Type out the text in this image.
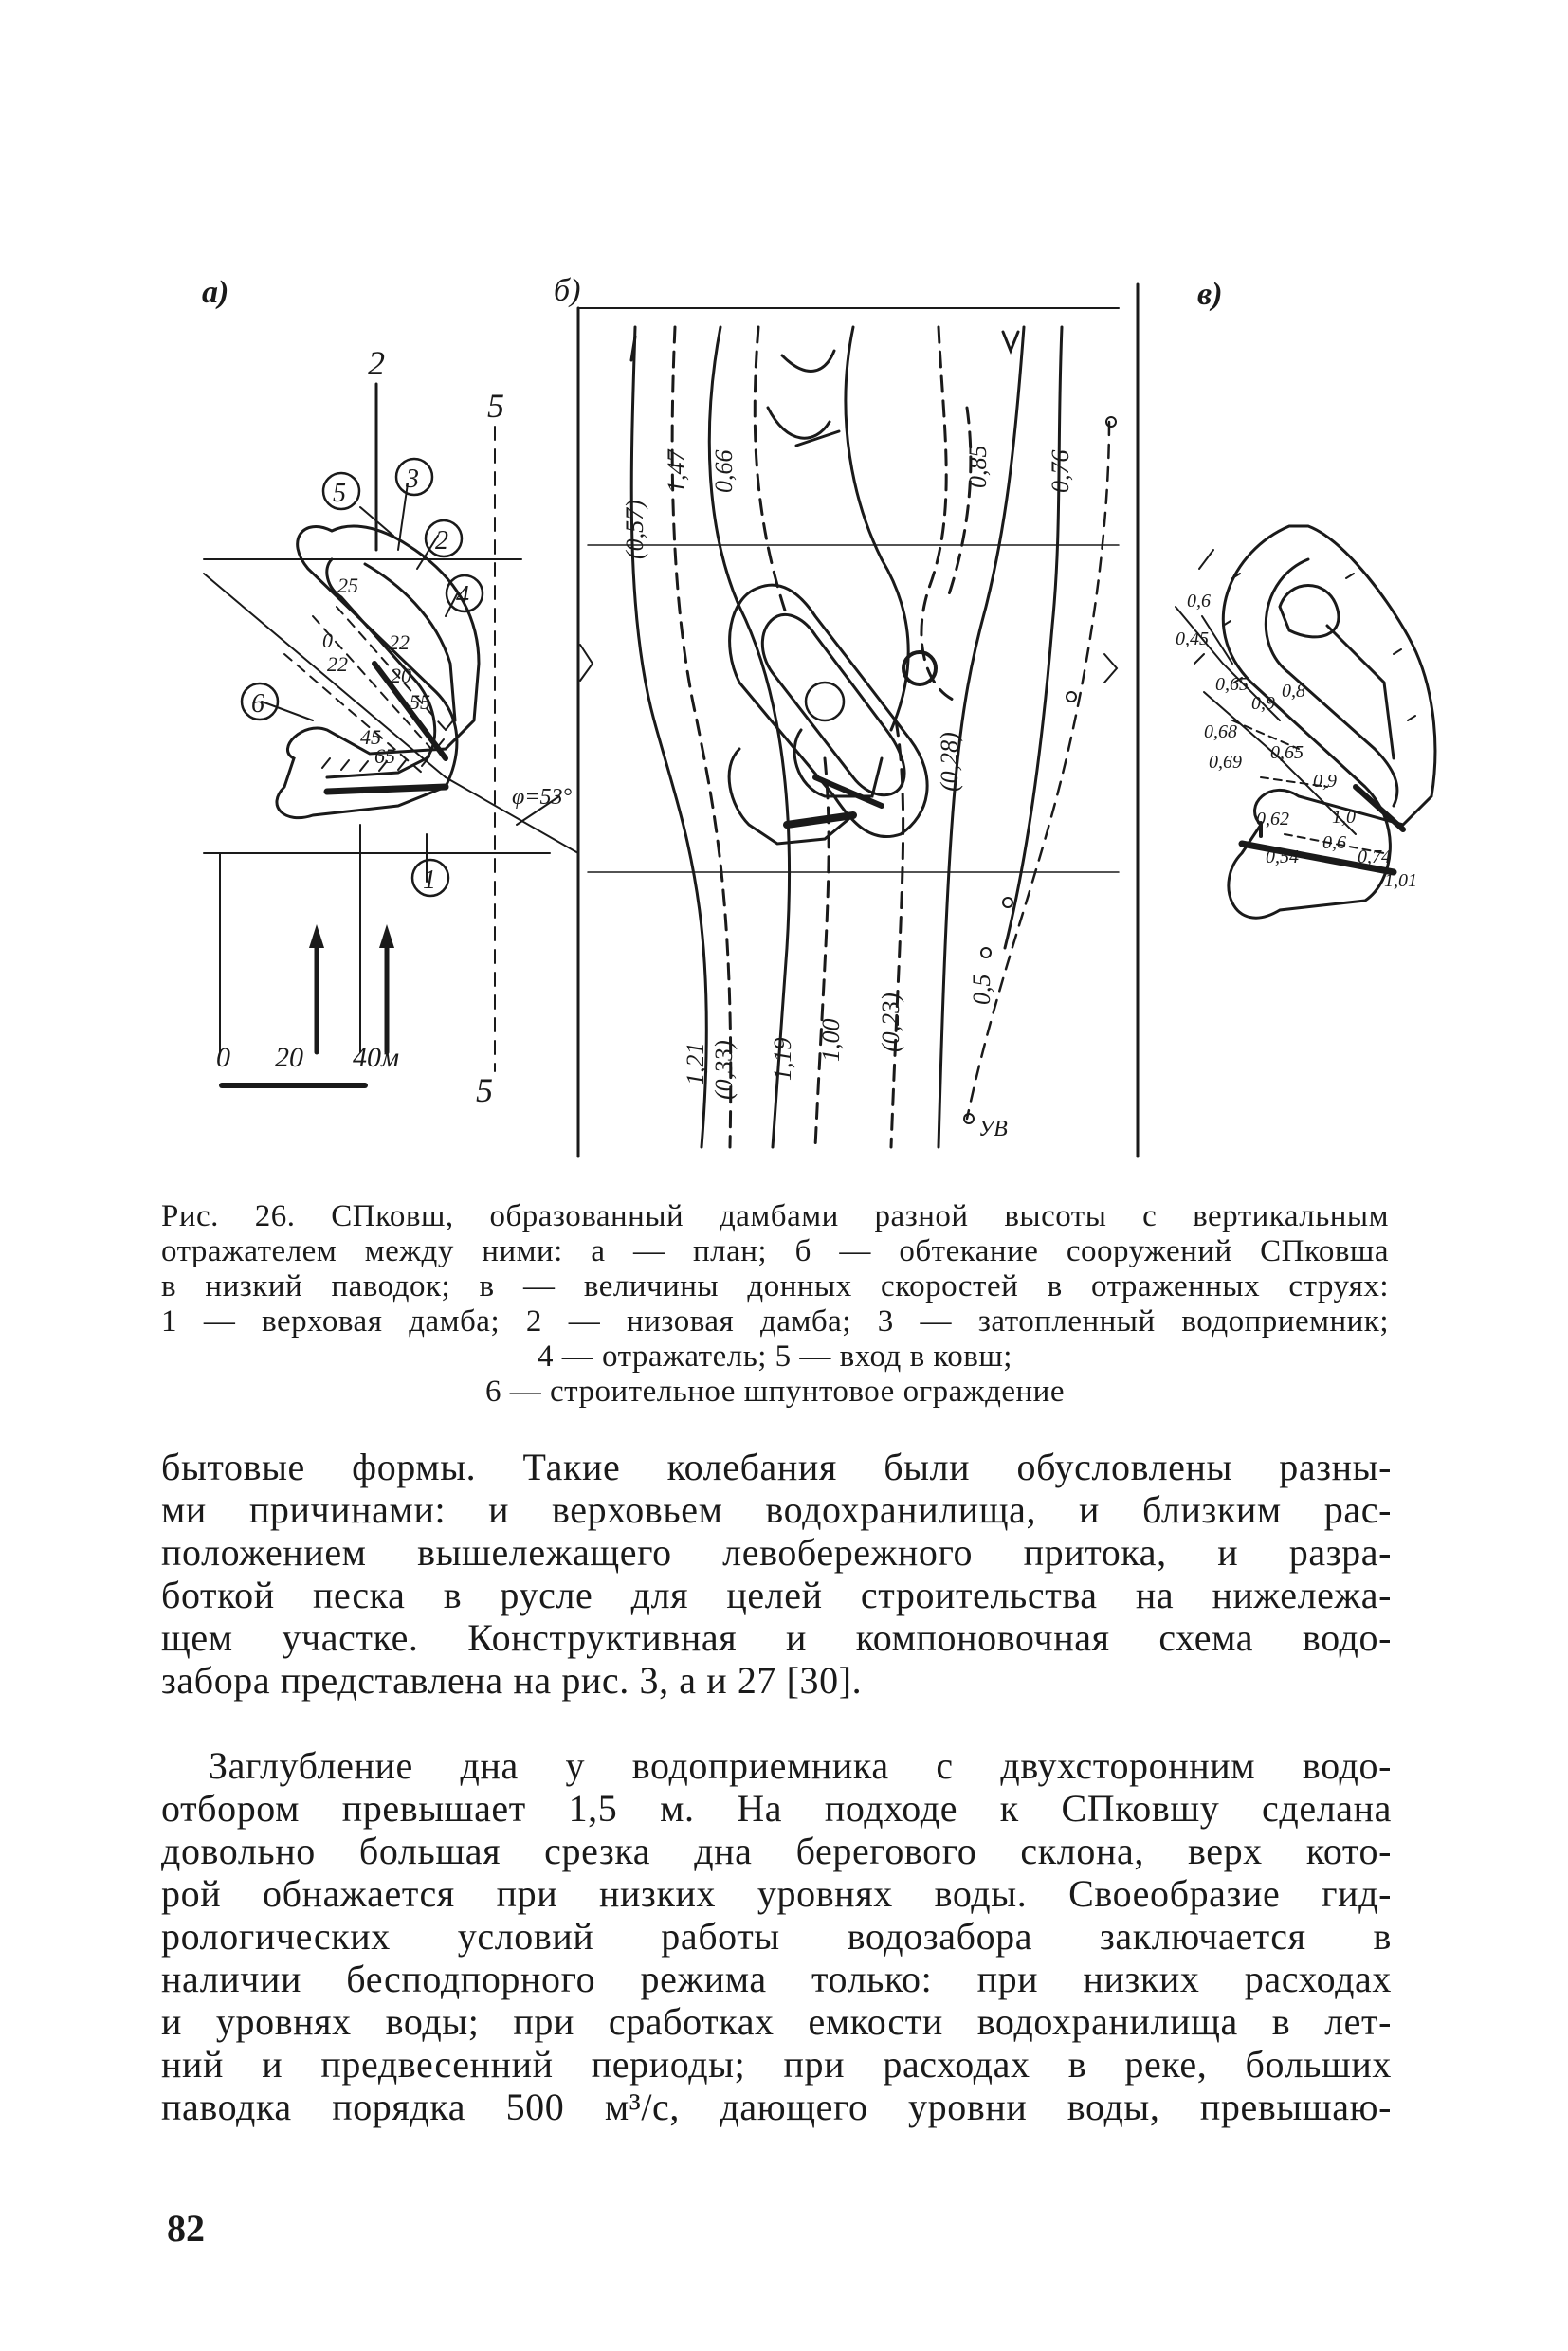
5 3
2
4
6
1
2
5
5
φ=53°
0
22
25
22
20
45
55
65
0 20 40м
(0,57)
1,47 0,66	0,85 0,76
(0,28)
1,21 (0,33) 1,19 1,00 (0,23)
0,5
УВ
0,6
0,45
0,65
0,9
0,8
0,68
0,69 0,65
0,9
0,62 1,0
0,6
0,74
0,54
1,01
а)	б)	в)

Рис. 26. СПковш, образованный дамбами разной высоты с вертикальным

отражателем между ними: а — план; б — обтекание сооружений СПковша

в низкий паводок; в — величины донных скоростей в отраженных струях:

1 — верховая дамба; 2 — низовая дамба; 3 — затопленный водоприемник;

4 — отражатель; 5 — вход в ковш;

6 — строительное шпунтовое ограждение

бытовые формы. Такие колебания были обусловлены разны-
ми причинами: и верховьем водохранилища, и близким рас-
положением вышележащего левобережного притока, и разра-
боткой песка в русле для целей строительства на нижележа-
щем участке. Конструктивная и компоновочная схема водо-
забора представлена на рис. 3, а и 27 [30].
Заглубление дна у водоприемника с двухсторонним водо-
отбором превышает 1,5 м. На подходе к СПковшу сделана
довольно большая срезка дна берегового склона, верх кото-
рой обнажается при низких уровнях воды. Своеобразие гид-
рологических условий работы водозабора заключается в
наличии бесподпорного режима только: при низких расходах
и уровнях воды; при сработках емкости водохранилища в лет-
ний и предвесенний периоды; при расходах в реке, больших
паводка порядка 500 м³/с, дающего уровни воды, превышаю-
82
